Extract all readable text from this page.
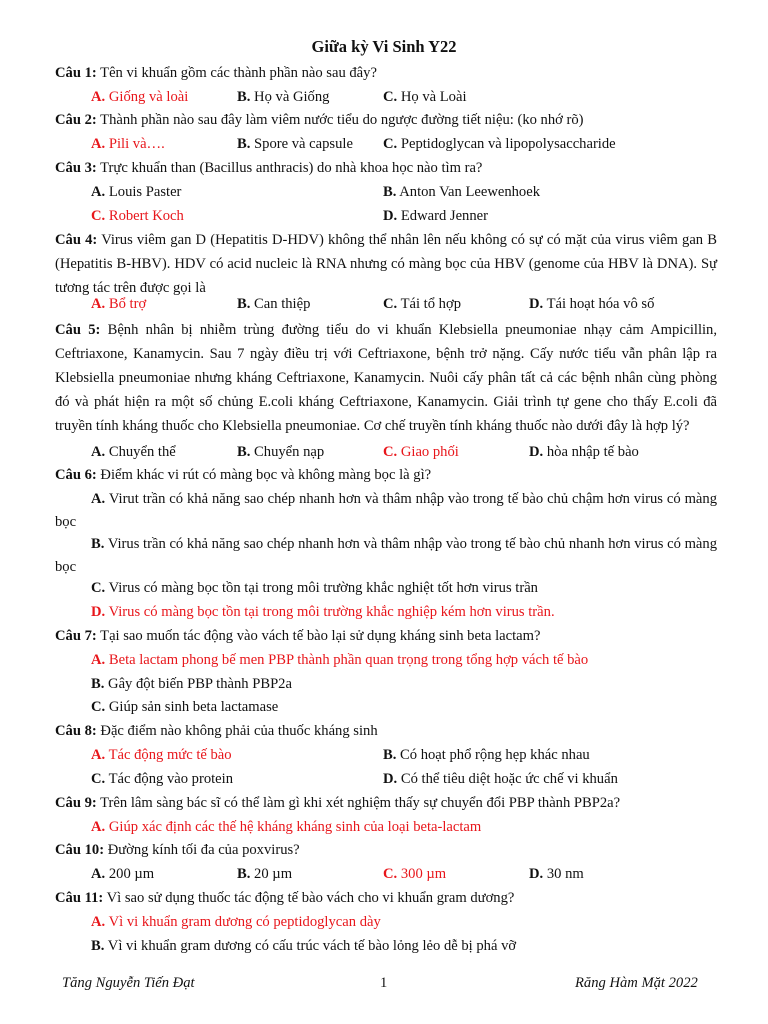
Giữa kỳ Vi Sinh Y22
Câu 1: Tên vi khuẩn gồm các thành phần nào sau đây?
A. Giống và loài	B. Họ và Giống	C. Họ và Loài
Câu 2: Thành phần nào sau đây làm viêm nước tiểu do ngược đường tiết niệu: (ko nhớ rõ)
A. Pili và….	B. Spore và capsule C. Peptidoglycan và lipopolysaccharide
Câu 3: Trực khuẩn than (Bacillus anthracis) do nhà khoa học nào tìm ra?
A. Louis Paster	B. Anton Van Leewenhoek
C. Robert Koch	D. Edward Jenner
Câu 4: Virus viêm gan D (Hepatitis D-HDV) không thể nhân lên nếu không có sự có mặt của virus viêm gan B (Hepatitis B-HBV). HDV có acid nucleic là RNA nhưng có màng bọc của HBV (genome của HBV là DNA). Sự tương tác trên được gọi là
A. Bổ trợ	B. Can thiệp	C. Tái tổ hợp	D. Tái hoạt hóa vô số
Câu 5: Bệnh nhân bị nhiễm trùng đường tiểu do vi khuẩn Klebsiella pneumoniae nhạy cảm Ampicillin, Ceftriaxone, Kanamycin. Sau 7 ngày điều trị với Ceftriaxone, bệnh trở nặng. Cấy nước tiểu vẫn phân lập ra Klebsiella pneumoniae nhưng kháng Ceftriaxone, Kanamycin. Nuôi cấy phân tất cả các bệnh nhân cùng phòng đó và phát hiện ra một số chủng E.coli kháng Ceftriaxone, Kanamycin. Giải trình tự gene cho thấy E.coli đã truyền tính kháng thuốc cho Klebsiella pneumoniae. Cơ chế truyền tính kháng thuốc nào dưới đây là hợp lý?
A. Chuyển thể	B. Chuyển nạp	C. Giao phối	D. hòa nhập tế bào
Câu 6: Điểm khác vi rút có màng bọc và không màng bọc là gì?
A. Virut trần có khả năng sao chép nhanh hơn và thâm nhập vào trong tế bào chủ chậm hơn virus có màng bọc
B. Virus trần có khả năng sao chép nhanh hơn và thâm nhập vào trong tế bào chủ nhanh hơn virus có màng bọc
C. Virus có màng bọc tồn tại trong môi trường khắc nghiệt tốt hơn virus trần
D. Virus có màng bọc tồn tại trong môi trường khắc nghiệp kém hơn virus trần.
Câu 7: Tại sao muốn tác động vào vách tế bào lại sử dụng kháng sinh beta lactam?
A. Beta lactam phong bế men PBP thành phần quan trọng trong tổng hợp vách tế bào
B. Gây đột biến PBP thành PBP2a
C. Giúp sản sinh beta lactamase
Câu 8: Đặc điểm nào không phải của thuốc kháng sinh
A. Tác động mức tế bào	B. Có hoạt phổ rộng hẹp khác nhau
C. Tác động vào protein	D. Có thể tiêu diệt hoặc ức chế vi khuẩn
Câu 9: Trên lâm sàng bác sĩ có thể làm gì khi xét nghiệm thấy sự chuyển đổi PBP thành PBP2a?
A. Giúp xác định các thế hệ kháng kháng sinh của loại beta-lactam
Câu 10: Đường kính tối đa của poxvirus?
A. 200 µm	B. 20 µm	C. 300 µm	D. 30 nm
Câu 11: Vì sao sử dụng thuốc tác động tế bào vách cho vi khuẩn gram dương?
A. Vì vi khuẩn gram dương có peptidoglycan dày
B. Vì vi khuẩn gram dương có cấu trúc vách tế bào lỏng lẻo dễ bị phá vỡ
Tăng Nguyễn Tiến Đạt	1	Răng Hàm Mặt 2022
